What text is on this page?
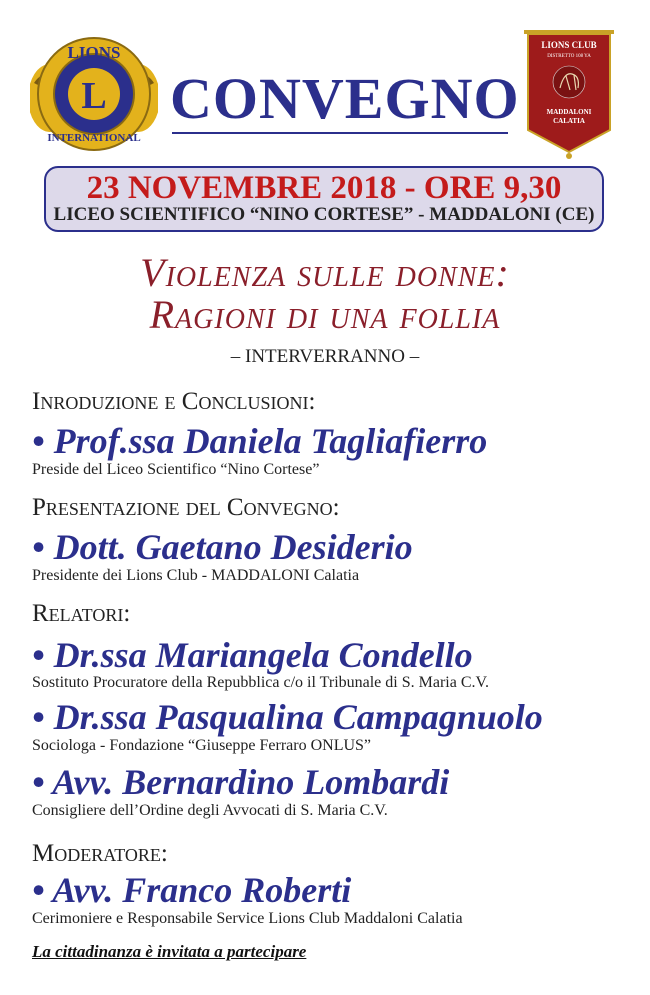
LIONS
L
INTERNATIONAL
CONVEGNO
LIONS CLUB
DISTRETTO 108 YA
MADDALONI
CALATIA
23 NOVEMBRE 2018 - ORE 9,30
LICEO SCIENTIFICO “NINO CORTESE” - MADDALONI (CE)
Violenza sulle donne:
Ragioni di una follia
– INTERVERRANNO –
Inroduzione e Conclusioni:
• Prof.ssa Daniela Tagliafierro
Preside del Liceo Scientifico “Nino Cortese”
Presentazione del Convegno:
• Dott. Gaetano Desiderio
Presidente dei Lions Club - MADDALONI Calatia
Relatori:
• Dr.ssa Mariangela Condello
Sostituto Procuratore della Repubblica c/o il Tribunale di S. Maria C.V.
• Dr.ssa Pasqualina Campagnuolo
Sociologa - Fondazione “Giuseppe Ferraro ONLUS”
• Avv. Bernardino Lombardi
Consigliere dell’Ordine degli Avvocati di S. Maria C.V.
Moderatore:
• Avv. Franco Roberti
Cerimoniere e Responsabile Service Lions Club Maddaloni Calatia
La cittadinanza è invitata a partecipare
